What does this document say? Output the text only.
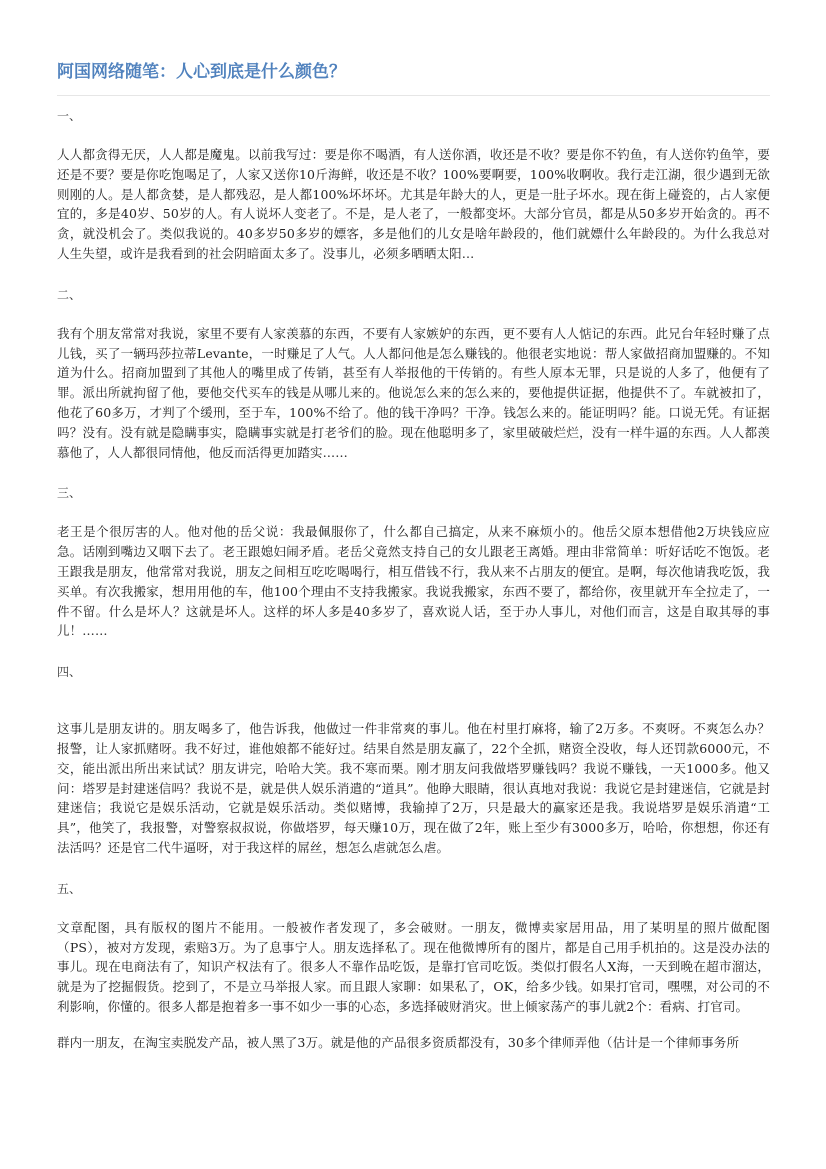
阿国网络随笔：人心到底是什么颜色？

一、

人人都贪得无厌，人人都是魔鬼。以前我写过：要是你不喝酒，有人送你酒，收还是不收？要是你不钓鱼，有人送你钓鱼竿，要还是不要？要是你吃饱喝足了，人家又送你10斤海鲜，收还是不收？100%要啊要，100%收啊收。我行走江湖，很少遇到无欲则刚的人。是人都贪婪，是人都残忍，是人都100%坏坏坏。尤其是年龄大的人，更是一肚子坏水。现在街上碰瓷的，占人家便宜的，多是40岁、50岁的人。有人说坏人变老了。不是，是人老了，一般都变坏。大部分官员，都是从50多岁开始贪的。再不贪，就没机会了。类似我说的。40多岁50多岁的嫖客，多是他们的儿女是啥年龄段的，他们就嫖什么年龄段的。为什么我总对人生失望，或许是我看到的社会阴暗面太多了。没事儿，必须多晒晒太阳…

二、

我有个朋友常常对我说，家里不要有人家羡慕的东西，不要有人家嫉妒的东西，更不要有人人惦记的东西。此兄台年轻时赚了点儿钱，买了一辆玛莎拉蒂Levante，一时赚足了人气。人人都问他是怎么赚钱的。他很老实地说：帮人家做招商加盟赚的。不知道为什么。招商加盟到了其他人的嘴里成了传销，甚至有人举报他的干传销的。有些人原本无罪，只是说的人多了，他便有了罪。派出所就拘留了他，要他交代买车的钱是从哪儿来的。他说怎么来的怎么来的，要他提供证据，他提供不了。车就被扣了，他花了60多万，才判了个缓刑，至于车，100%不给了。他的钱干净吗？干净。钱怎么来的。能证明吗？能。口说无凭。有证据吗？没有。没有就是隐瞒事实，隐瞒事实就是打老爷们的脸。现在他聪明多了，家里破破烂烂，没有一样牛逼的东西。人人都羡慕他了，人人都很同情他，他反而活得更加踏实……

三、

老王是个很厉害的人。他对他的岳父说：我最佩服你了，什么都自己搞定，从来不麻烦小的。他岳父原本想借他2万块钱应应急。话刚到嘴边又咽下去了。老王跟媳妇闹矛盾。老岳父竟然支持自己的女儿跟老王离婚。理由非常简单：听好话吃不饱饭。老王跟我是朋友，他常常对我说，朋友之间相互吃吃喝喝行，相互借钱不行，我从来不占朋友的便宜。是啊，每次他请我吃饭，我买单。有次我搬家，想用用他的车，他100个理由不支持我搬家。我说我搬家，东西不要了，都给你，夜里就开车全拉走了，一件不留。什么是坏人？这就是坏人。这样的坏人多是40多岁了，喜欢说人话，至于办人事儿，对他们而言，这是自取其辱的事儿！……

四、

这事儿是朋友讲的。朋友喝多了，他告诉我，他做过一件非常爽的事儿。他在村里打麻将，输了2万多。不爽呀。不爽怎么办？报警，让人家抓赌呀。我不好过，谁他娘都不能好过。结果自然是朋友赢了，22个全抓，赌资全没收，每人还罚款6000元，不交，能出派出所出来试试？朋友讲完，哈哈大笑。我不寒而栗。刚才朋友问我做塔罗赚钱吗？我说不赚钱，一天1000多。他又问：塔罗是封建迷信吗？我说不是，就是供人娱乐消遣的“道具”。他睁大眼睛，很认真地对我说：我说它是封建迷信，它就是封建迷信；我说它是娱乐活动，它就是娱乐活动。类似赌博，我输掉了2万，只是最大的赢家还是我。我说塔罗是娱乐消遣“工具”，他笑了，我报警，对警察叔叔说，你做塔罗，每天赚10万，现在做了2年，账上至少有3000多万，哈哈，你想想，你还有法活吗？还是官二代牛逼呀，对于我这样的屌丝，想怎么虐就怎么虐。

五、

文章配图，具有版权的图片不能用。一般被作者发现了，多会破财。一朋友，微博卖家居用品，用了某明星的照片做配图（PS），被对方发现，索赔3万。为了息事宁人。朋友选择私了。现在他微博所有的图片，都是自己用手机拍的。这是没办法的事儿。现在电商法有了，知识产权法有了。很多人不靠作品吃饭，是靠打官司吃饭。类似打假名人X海，一天到晚在超市溜达，就是为了挖掘假货。挖到了，不是立马举报人家。而且跟人家聊：如果私了，OK，给多少钱。如果打官司，嘿嘿，对公司的不利影响，你懂的。很多人都是抱着多一事不如少一事的心态，多选择破财消灾。世上倾家荡产的事儿就2个：看病、打官司。

群内一朋友，在淘宝卖脱发产品，被人黑了3万。就是他的产品很多资质都没有，30多个律师弄他（估计是一个律师事务所
